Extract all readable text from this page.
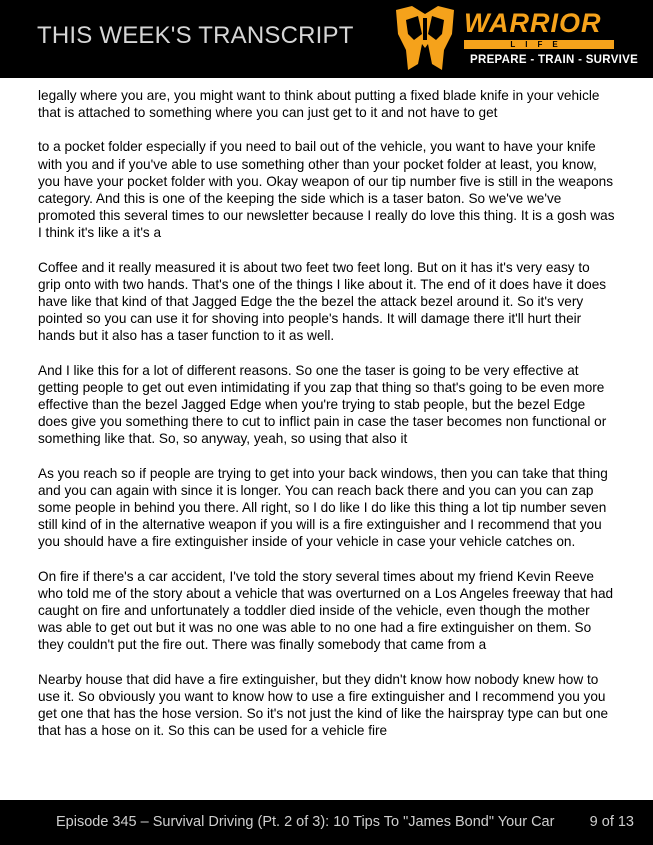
THIS WEEK'S TRANSCRIPT	WARRIOR
LIFE
PREPARE - TRAIN - SURVIVE

legally where you are, you might want to think about putting a fixed blade knife in your vehicle that is attached to something where you can just get to it and not have to get

to a pocket folder especially if you need to bail out of the vehicle, you want to have your knife with you and if you've able to use something other than your pocket folder at least, you know, you have your pocket folder with you. Okay weapon of our tip number five is still in the weapons category. And this is one of the keeping the side which is a taser baton. So we've we've promoted this several times to our newsletter because I really do love this thing. It is a gosh was I think it's like a it's a

Coffee and it really measured it is about two feet two feet long. But on it has it's very easy to grip onto with two hands. That's one of the things I like about it. The end of it does have it does have like that kind of that Jagged Edge the the bezel the attack bezel around it. So it's very pointed so you can use it for shoving into people's hands. It will damage there it'll hurt their hands but it also has a taser function to it as well.

And I like this for a lot of different reasons. So one the taser is going to be very effective at getting people to get out even intimidating if you zap that thing so that's going to be even more effective than the bezel Jagged Edge when you're trying to stab people, but the bezel Edge does give you something there to cut to inflict pain in case the taser becomes non functional or something like that. So, so anyway, yeah, so using that also it

As you reach so if people are trying to get into your back windows, then you can take that thing and you can again with since it is longer. You can reach back there and you can you can zap some people in behind you there. All right, so I do like I do like this thing a lot tip number seven still kind of in the alternative weapon if you will is a fire extinguisher and I recommend that you you should have a fire extinguisher inside of your vehicle in case your vehicle catches on.

On fire if there's a car accident, I've told the story several times about my friend Kevin Reeve who told me of the story about a vehicle that was overturned on a Los Angeles freeway that had caught on fire and unfortunately a toddler died inside of the vehicle, even though the mother was able to get out but it was no one was able to no one had a fire extinguisher on them. So they couldn't put the fire out. There was finally somebody that came from a

Nearby house that did have a fire extinguisher, but they didn't know how nobody knew how to use it. So obviously you want to know how to use a fire extinguisher and I recommend you you get one that has the hose version. So it's not just the kind of like the hairspray type can but one that has a hose on it. So this can be used for a vehicle fire

Episode 345 – Survival Driving (Pt. 2 of 3): 10 Tips To "James Bond" Your Car 9 of 13
